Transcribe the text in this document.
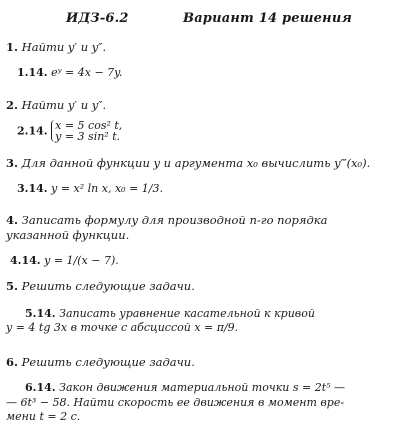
ИДЗ-6.2	Вариант 14 решения
1. Найти y′ и y″.
1.14. eʸ = 4x − 7y.
2. Найти y′ и y″.
2.14. x = 5 cos² t,
y = 3 sin² t.
3. Для данной функции y и аргумента x₀ вычислить y‴(x₀).
3.14. y = x² ln x, x₀ = 1/3.
4. Записать формулу для производной n-го порядка
указанной функции.
4.14. y = 1/(x − 7).
5. Решить следующие задачи.
5.14. Записать уравнение касательной к кривой
y = 4 tg 3x в точке с абсциссой x = π/9.
6. Решить следующие задачи.
6.14. Закон движения материальной точки s = 2t⁵ —
— 6t³ − 58. Найти скорость ее движения в момент вре-
мени t = 2 с.
